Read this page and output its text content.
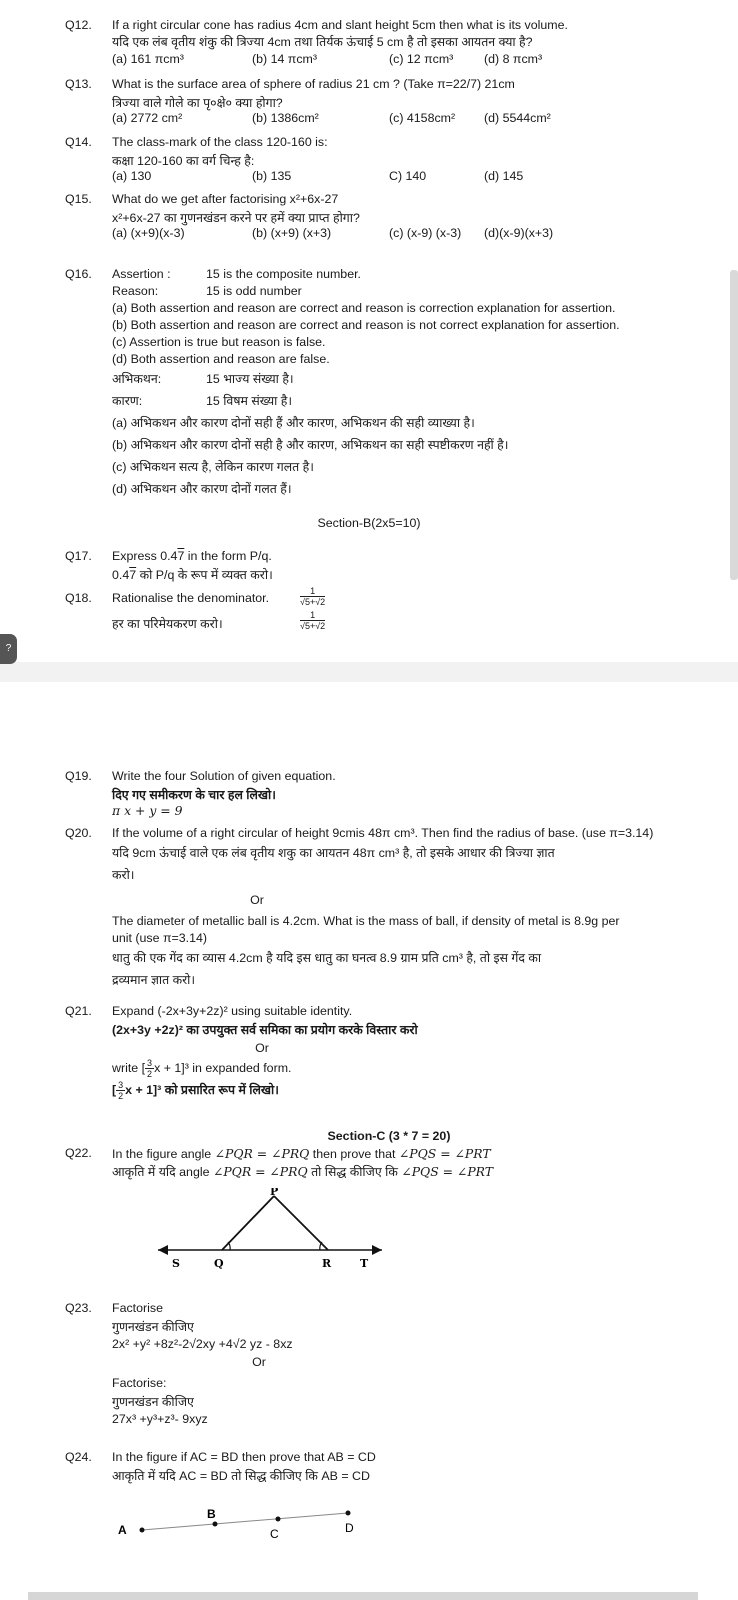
Q12.	If a right circular cone has radius 4cm and slant height 5cm then what is its volume.
यदि एक लंब वृतीय शंकु की त्रिज्या 4cm तथा तिर्यक ऊंचाई 5 cm है तो इसका आयतन क्या है?
(a) 161 πcm³	(b) 14 πcm³	(c) 12 πcm³ (d) 8 πcm³
Q13.	What is the surface area of sphere of radius 21 cm ? (Take π=22/7) 21cm
त्रिज्या वाले गोले का पृ०क्षे० क्या होगा?
(a) 2772 cm²	(b) 1386cm²	(c) 4158cm² (d) 5544cm²
Q14.	The class-mark of the class 120-160 is:
कक्षा 120-160 का वर्ग चिन्ह है:
(a) 130	(b) 135	C) 140	(d) 145
Q15.	What do we get after factorising x²+6x-27
x²+6x-27 का गुणनखंडन करने पर हमें क्या प्राप्त होगा?
(a) (x+9)(x-3)	(b) (x+9) (x+3)	(c) (x-9) (x-3) (d)(x-9)(x+3)
Q16.	Assertion :	15 is the composite number.
Reason:	15 is odd number
(a) Both assertion and reason are correct and reason is correction explanation for assertion.
(b) Both assertion and reason are correct and reason is not correct explanation for assertion.
(c) Assertion is true but reason is false.
(d) Both assertion and reason are false.
अभिकथन:	15 भाज्य संख्या है।
कारण:	15 विषम संख्या है।
(a) अभिकथन और कारण दोनों सही हैं और कारण, अभिकथन की सही व्याख्या है।
(b) अभिकथन और कारण दोनों सही है और कारण, अभिकथन का सही स्पष्टीकरण नहीं है।
(c) अभिकथन सत्य है, लेकिन कारण गलत है।
(d) अभिकथन और कारण दोनों गलत हैं।
Section-B(2x5=10)
Q17.	Express 0.47 in the form P/q.
0.47 को P/q के रूप में व्यक्त करो।
Q18.	Rationalise the denominator.
हर का परिमेयकरण करो।
$\frac{1}{√5+√2}$
$\frac{1}{√5+√2}$
?
Q19.	Write the four Solution of given equation.
दिए गए समीकरण के चार हल लिखो।
π x + y = 9
Q20.	If the volume of a right circular of height 9cmis 48π cm³. Then find the radius of base. (use π=3.14)
यदि 9cm ऊंचाई वाले एक लंब वृतीय शकु का आयतन 48π cm³ है, तो इसके आधार की त्रिज्या ज्ञात
करो।
Or
The diameter of metallic ball is 4.2cm. What is the mass of ball, if density of metal is 8.9g per
unit (use π=3.14)
धातु की एक गेंद का व्यास 4.2cm है यदि इस धातु का घनत्व 8.9 ग्राम प्रति cm³ है, तो इस गेंद का
द्रव्यमान ज्ञात करो।
Q21.	Expand (-2x+3y+2z)² using suitable identity.
(2x+3y +2z)² का उपयुक्त सर्व समिका का प्रयोग करके विस्तार करो
Or
write [ $\frac{3}{2}$ x + 1]³ in expanded form.
[ $\frac{3}{2}$ x + 1]³ को प्रसारित रूप में लिखो।
Section-C (3 * 7 = 20)
Q22.	In the figure angle ∠PQR = ∠PRQ then prove that ∠PQS = ∠PRT
आकृति में यदि angle ∠PQR = ∠PRQ तो सिद्ध कीजिए कि ∠PQS = ∠PRT
P
S	Q	R	T
Q23.	Factorise
गुणनखंडन कीजिए
2x² +y² +8z²-2√2xy +4√2 yz - 8xz
Or
Factorise:
गुणनखंडन कीजिए
27x³ +y³+z³- 9xyz
Q24.	In the figure if AC = BD then prove that AB = CD
आकृति में यदि AC = BD तो सिद्ध कीजिए कि AB = CD
A
B
C	D
